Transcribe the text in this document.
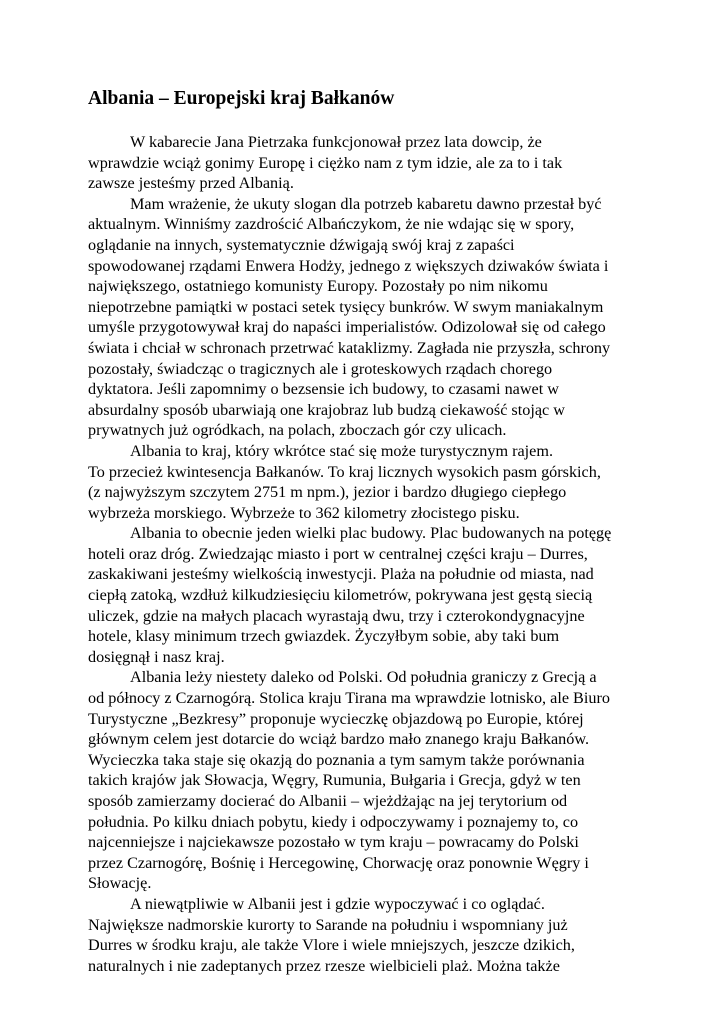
Albania – Europejski kraj Bałkanów
W kabarecie Jana Pietrzaka funkcjonował przez lata dowcip, że
wprawdzie wciąż gonimy Europę i ciężko nam z tym idzie, ale za to i tak
zawsze jesteśmy przed Albanią.
Mam wrażenie, że ukuty slogan dla potrzeb kabaretu dawno przestał być
aktualnym. Winniśmy zazdrościć Albańczykom, że nie wdając się w spory,
oglądanie na innych, systematycznie dźwigają swój kraj z zapaści
spowodowanej rządami Enwera Hodży, jednego z większych dziwaków świata i
największego, ostatniego komunisty Europy. Pozostały po nim nikomu
niepotrzebne pamiątki w postaci setek tysięcy bunkrów. W swym maniakalnym
umyśle przygotowywał kraj do napaści imperialistów. Odizolował się od całego
świata i chciał w schronach przetrwać kataklizmy. Zagłada nie przyszła, schrony
pozostały, świadcząc o tragicznych ale i groteskowych rządach chorego
dyktatora. Jeśli zapomnimy o bezsensie ich budowy, to czasami nawet w
absurdalny sposób ubarwiają one krajobraz lub budzą ciekawość stojąc w
prywatnych już ogródkach, na polach, zboczach gór czy ulicach.
Albania to kraj, który wkrótce stać się może turystycznym rajem.
To przecież kwintesencja Bałkanów. To kraj licznych wysokich pasm górskich,
(z najwyższym szczytem 2751 m npm.), jezior i bardzo długiego ciepłego
wybrzeża morskiego. Wybrzeże to 362 kilometry złocistego pisku.
Albania to obecnie jeden wielki plac budowy. Plac budowanych na potęgę
hoteli oraz dróg. Zwiedzając miasto i port w centralnej części kraju – Durres,
zaskakiwani jesteśmy wielkością inwestycji. Plaża na południe od miasta, nad
ciepłą zatoką, wzdłuż kilkudziesięciu kilometrów, pokrywana jest gęstą siecią
uliczek, gdzie na małych placach wyrastają dwu, trzy i czterokondygnacyjne
hotele, klasy minimum trzech gwiazdek. Życzyłbym sobie, aby taki bum
dosięgnął i nasz kraj.
Albania leży niestety daleko od Polski. Od południa graniczy z Grecją a
od północy z Czarnogórą. Stolica kraju Tirana ma wprawdzie lotnisko, ale Biuro
Turystyczne „Bezkresy” proponuje wycieczkę objazdową po Europie, której
głównym celem jest dotarcie do wciąż bardzo mało znanego kraju Bałkanów.
Wycieczka taka staje się okazją do poznania a tym samym także porównania
takich krajów jak Słowacja, Węgry, Rumunia, Bułgaria i Grecja, gdyż w ten
sposób zamierzamy docierać do Albanii – wjeżdżając na jej terytorium od
południa. Po kilku dniach pobytu, kiedy i odpoczywamy i poznajemy to, co
najcenniejsze i najciekawsze pozostało w tym kraju – powracamy do Polski
przez Czarnogórę, Bośnię i Hercegowinę, Chorwację oraz ponownie Węgry i
Słowację.
A niewątpliwie w Albanii jest i gdzie wypoczywać i co oglądać.
Największe nadmorskie kurorty to Sarande na południu i wspomniany już
Durres w środku kraju, ale także Vlore i wiele mniejszych, jeszcze dzikich,
naturalnych i nie zadeptanych przez rzesze wielbicieli plaż. Można także
